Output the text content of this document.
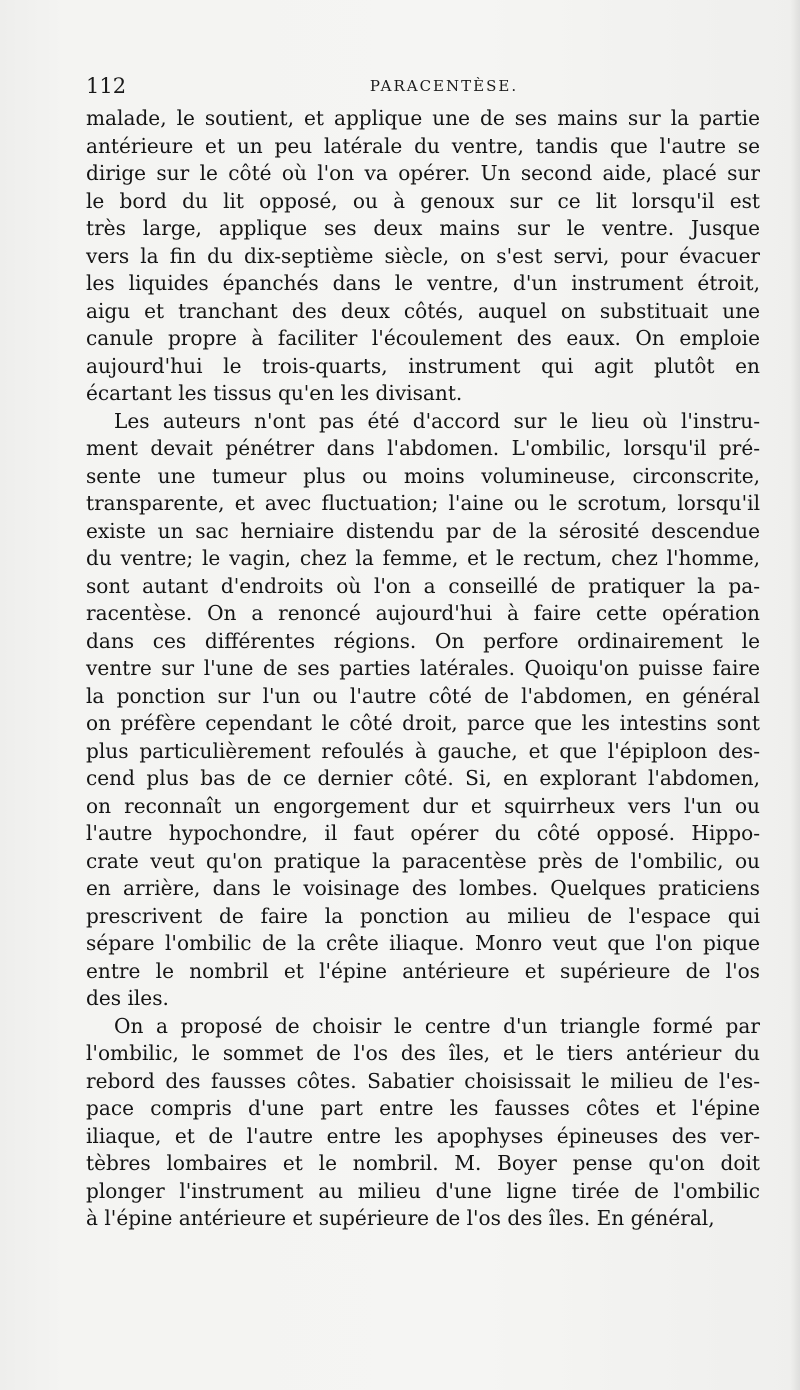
112	PARACENTÈSE.

malade, le soutient, et applique une de ses mains sur la partie
antérieure et un peu latérale du ventre, tandis que l'autre se
dirige sur le côté où l'on va opérer. Un second aide, placé sur
le bord du lit opposé, ou à genoux sur ce lit lorsqu'il est
très large, applique ses deux mains sur le ventre. Jusque
vers la fin du dix-septième siècle, on s'est servi, pour évacuer
les liquides épanchés dans le ventre, d'un instrument étroit,
aigu et tranchant des deux côtés, auquel on substituait une
canule propre à faciliter l'écoulement des eaux. On emploie
aujourd'hui le trois-quarts, instrument qui agit plutôt en
écartant les tissus qu'en les divisant.

Les auteurs n'ont pas été d'accord sur le lieu où l'instru-
ment devait pénétrer dans l'abdomen. L'ombilic, lorsqu'il pré-
sente une tumeur plus ou moins volumineuse, circonscrite,
transparente, et avec fluctuation; l'aine ou le scrotum, lorsqu'il
existe un sac herniaire distendu par de la sérosité descendue
du ventre; le vagin, chez la femme, et le rectum, chez l'homme,
sont autant d'endroits où l'on a conseillé de pratiquer la pa-
racentèse. On a renoncé aujourd'hui à faire cette opération
dans ces différentes régions. On perfore ordinairement le
ventre sur l'une de ses parties latérales. Quoiqu'on puisse faire
la ponction sur l'un ou l'autre côté de l'abdomen, en général
on préfère cependant le côté droit, parce que les intestins sont
plus particulièrement refoulés à gauche, et que l'épiploon des-
cend plus bas de ce dernier côté. Si, en explorant l'abdomen,
on reconnaît un engorgement dur et squirrheux vers l'un ou
l'autre hypochondre, il faut opérer du côté opposé. Hippo-
crate veut qu'on pratique la paracentèse près de l'ombilic, ou
en arrière, dans le voisinage des lombes. Quelques praticiens
prescrivent de faire la ponction au milieu de l'espace qui
sépare l'ombilic de la crête iliaque. Monro veut que l'on pique
entre le nombril et l'épine antérieure et supérieure de l'os
des iles.

On a proposé de choisir le centre d'un triangle formé par
l'ombilic, le sommet de l'os des îles, et le tiers antérieur du
rebord des fausses côtes. Sabatier choisissait le milieu de l'es-
pace compris d'une part entre les fausses côtes et l'épine
iliaque, et de l'autre entre les apophyses épineuses des ver-
tèbres lombaires et le nombril. M. Boyer pense qu'on doit
plonger l'instrument au milieu d'une ligne tirée de l'ombilic
à l'épine antérieure et supérieure de l'os des îles. En général,
